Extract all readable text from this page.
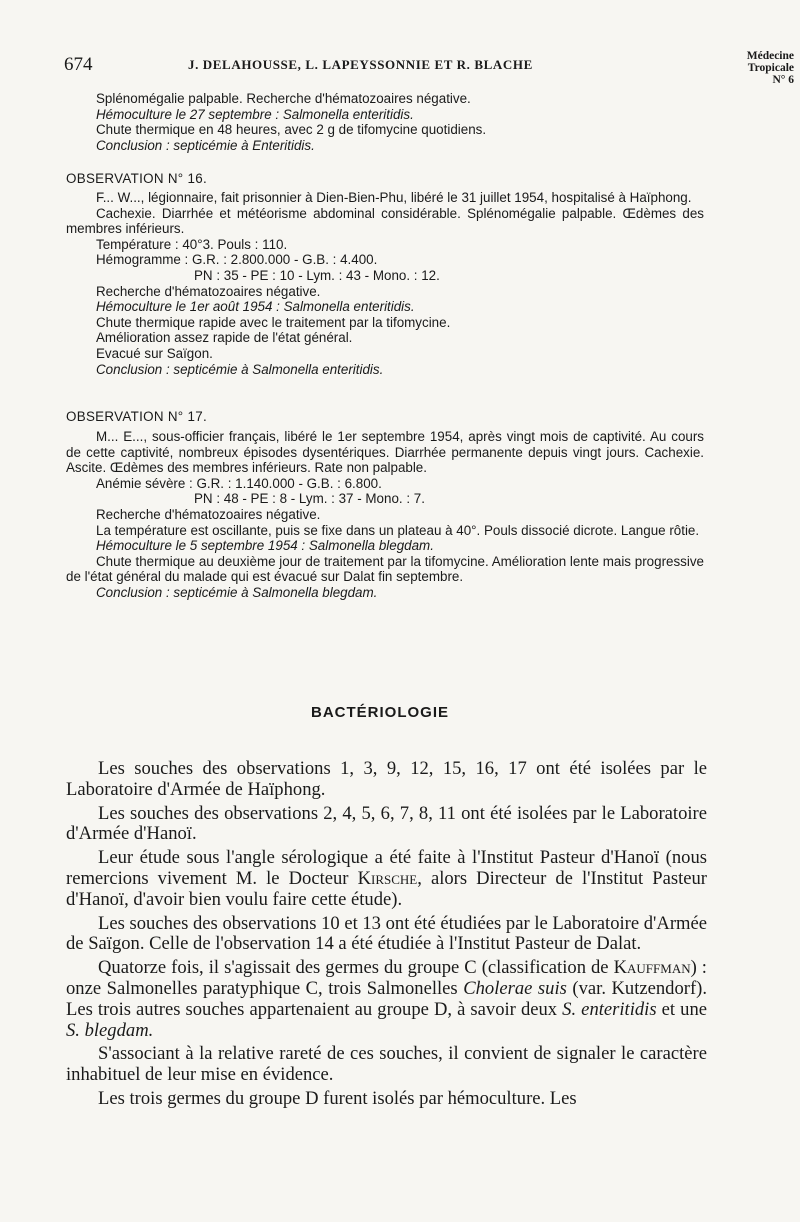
674	J. DELAHOUSSE, L. LAPEYSSONNIE ET R. BLACHE
Médecine
Tropicale
N° 6

Splénomégalie palpable. Recherche d'hématozoaires négative.

Hémoculture le 27 septembre : Salmonella enteritidis.

Chute thermique en 48 heures, avec 2 g de tifomycine quotidiens.

Conclusion : septicémie à Enteritidis.

OBSERVATION N° 16.

F... W..., légionnaire, fait prisonnier à Dien-Bien-Phu, libéré le 31 juillet 1954, hospitalisé à Haïphong.

Cachexie. Diarrhée et météorisme abdominal considérable. Splénomégalie palpable. Œdèmes des membres inférieurs.

Température : 40°3. Pouls : 110.

Hémogramme : G.R. : 2.800.000 - G.B. : 4.400.

PN : 35 - PE : 10 - Lym. : 43 - Mono. : 12.

Recherche d'hématozoaires négative.

Hémoculture le 1er août 1954 : Salmonella enteritidis.

Chute thermique rapide avec le traitement par la tifomycine.

Amélioration assez rapide de l'état général.

Evacué sur Saïgon.

Conclusion : septicémie à Salmonella enteritidis.

OBSERVATION N° 17.

M... E..., sous-officier français, libéré le 1er septembre 1954, après vingt mois de captivité. Au cours de cette captivité, nombreux épisodes dysentériques. Diarrhée permanente depuis vingt jours. Cachexie. Ascite. Œdèmes des membres inférieurs. Rate non palpable.

Anémie sévère : G.R. : 1.140.000 - G.B. : 6.800.

PN : 48 - PE : 8 - Lym. : 37 - Mono. : 7.

Recherche d'hématozoaires négative.

La température est oscillante, puis se fixe dans un plateau à 40°. Pouls dissocié dicrote. Langue rôtie.

Hémoculture le 5 septembre 1954 : Salmonella blegdam.

Chute thermique au deuxième jour de traitement par la tifomycine. Amélioration lente mais progressive de l'état général du malade qui est évacué sur Dalat fin septembre.

Conclusion : septicémie à Salmonella blegdam.

BACTÉRIOLOGIE

Les souches des observations 1, 3, 9, 12, 15, 16, 17 ont été isolées par le Laboratoire d'Armée de Haïphong.

Les souches des observations 2, 4, 5, 6, 7, 8, 11 ont été isolées par le Laboratoire d'Armée d'Hanoï.

Leur étude sous l'angle sérologique a été faite à l'Institut Pasteur d'Hanoï (nous remercions vivement M. le Docteur Kirsche, alors Directeur de l'Institut Pasteur d'Hanoï, d'avoir bien voulu faire cette étude).

Les souches des observations 10 et 13 ont été étudiées par le Laboratoire d'Armée de Saïgon. Celle de l'observation 14 a été étudiée à l'Institut Pasteur de Dalat.

Quatorze fois, il s'agissait des germes du groupe C (classification de Kauffman) : onze Salmonelles paratyphique C, trois Salmonelles Cholerae suis (var. Kutzendorf). Les trois autres souches appartenaient au groupe D, à savoir deux S. enteritidis et une S. blegdam.

S'associant à la relative rareté de ces souches, il convient de signaler le caractère inhabituel de leur mise en évidence.

Les trois germes du groupe D furent isolés par hémoculture. Les
